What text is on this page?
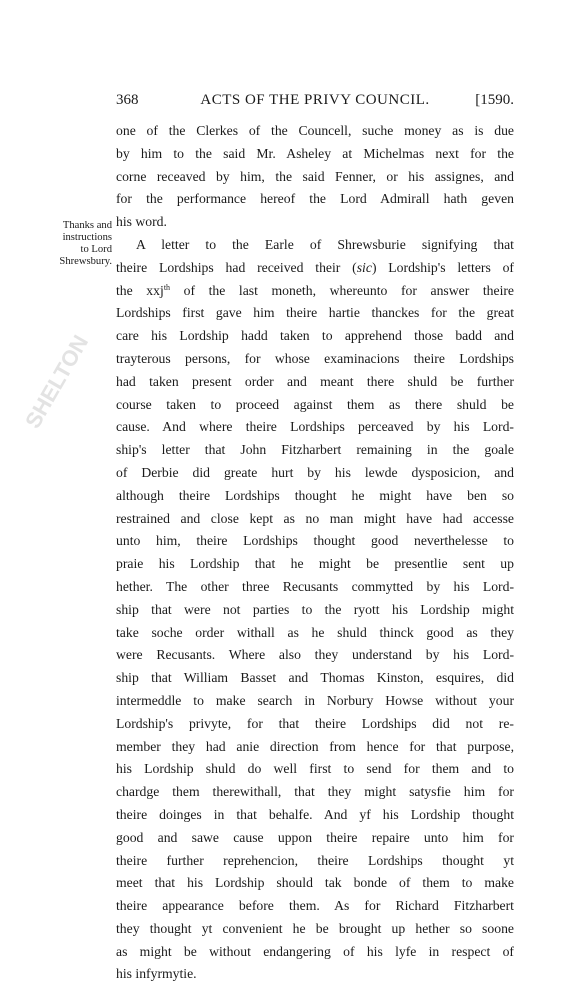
SHELTON
368	ACTS OF THE PRIVY COUNCIL.	[1590.
Thanks and
instructions
to Lord
Shrewsbury.
one of the Clerkes of the Councell, suche money as is due
by him to the said Mr. Asheley at Michelmas next for the
corne receaved by him, the said Fenner, or his assignes, and
for the performance hereof the Lord Admirall hath geven
his word.
A letter to the Earle of Shrewsburie signifying that
theire Lordships had received their (sic) Lordship's letters of
the xxj$^{th}$ of the last moneth, whereunto for answer theire
Lordships first gave him theire hartie thanckes for the great
care his Lordship hadd taken to apprehend those badd and
trayterous persons, for whose examinacions theire Lordships
had taken present order and meant there shuld be further
course taken to proceed against them as there shuld be
cause. And where theire Lordships perceaved by his Lord-
ship's letter that John Fitzharbert remaining in the goale
of Derbie did greate hurt by his lewde dysposicion, and
although theire Lordships thought he might have ben so
restrained and close kept as no man might have had accesse
unto him, theire Lordships thought good neverthelesse to
praie his Lordship that he might be presentlie sent up
hether. The other three Recusants commytted by his Lord-
ship that were not parties to the ryott his Lordship might
take soche order withall as he shuld thinck good as they
were Recusants. Where also they understand by his Lord-
ship that William Basset and Thomas Kinston, esquires, did
intermeddle to make search in Norbury Howse without your
Lordship's privyte, for that theire Lordships did not re-
member they had anie direction from hence for that purpose,
his Lordship shuld do well first to send for them and to
chardge them therewithall, that they might satysfie him for
theire doinges in that behalfe. And yf his Lordship thought
good and sawe cause uppon theire repaire unto him for
theire further reprehencion, theire Lordships thought yt
meet that his Lordship should tak bonde of them to make
theire appearance before them. As for Richard Fitzharbert
they thought yt convenient he be brought up hether so soone
as might be without endangering of his lyfe in respect of
his infyrmytie.
